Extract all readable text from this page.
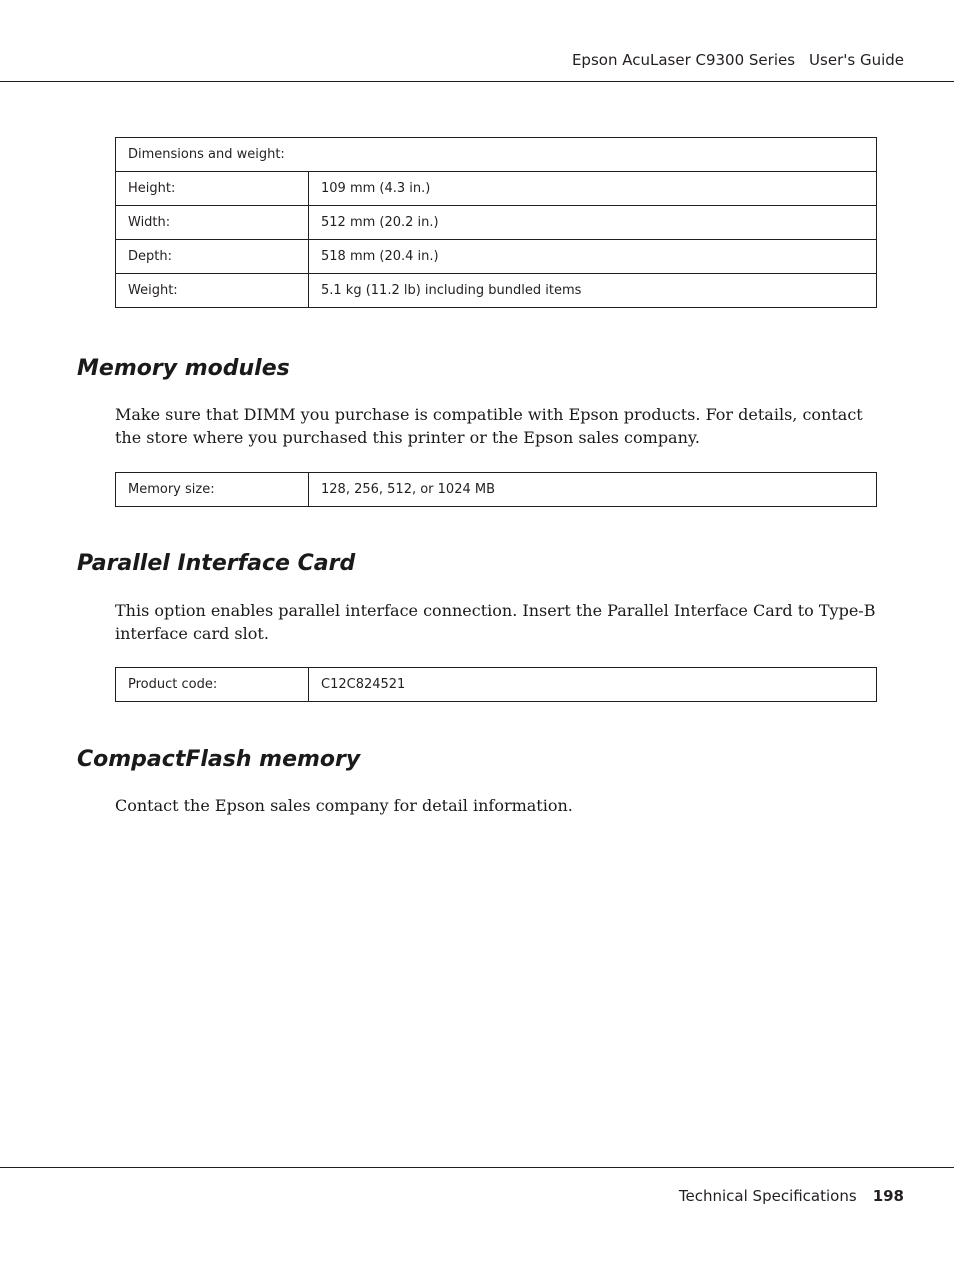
Epson AcuLaser C9300 Series User's Guide
Dimensions and weight:	
Height:	109 mm (4.3 in.)
Width:	512 mm (20.2 in.)
Depth:	518 mm (20.4 in.)
Weight:	5.1 kg (11.2 lb) including bundled items
Memory modules

Make sure that DIMM you purchase is compatible with Epson products. For details, contact the store where you purchased this printer or the Epson sales company.

Memory size:	128, 256, 512, or 1024 MB
Parallel Interface Card

This option enables parallel interface connection. Insert the Parallel Interface Card to Type-B interface card slot.

Product code:	C12C824521
CompactFlash memory

Contact the Epson sales company for detail information.

Technical Specifications 198
